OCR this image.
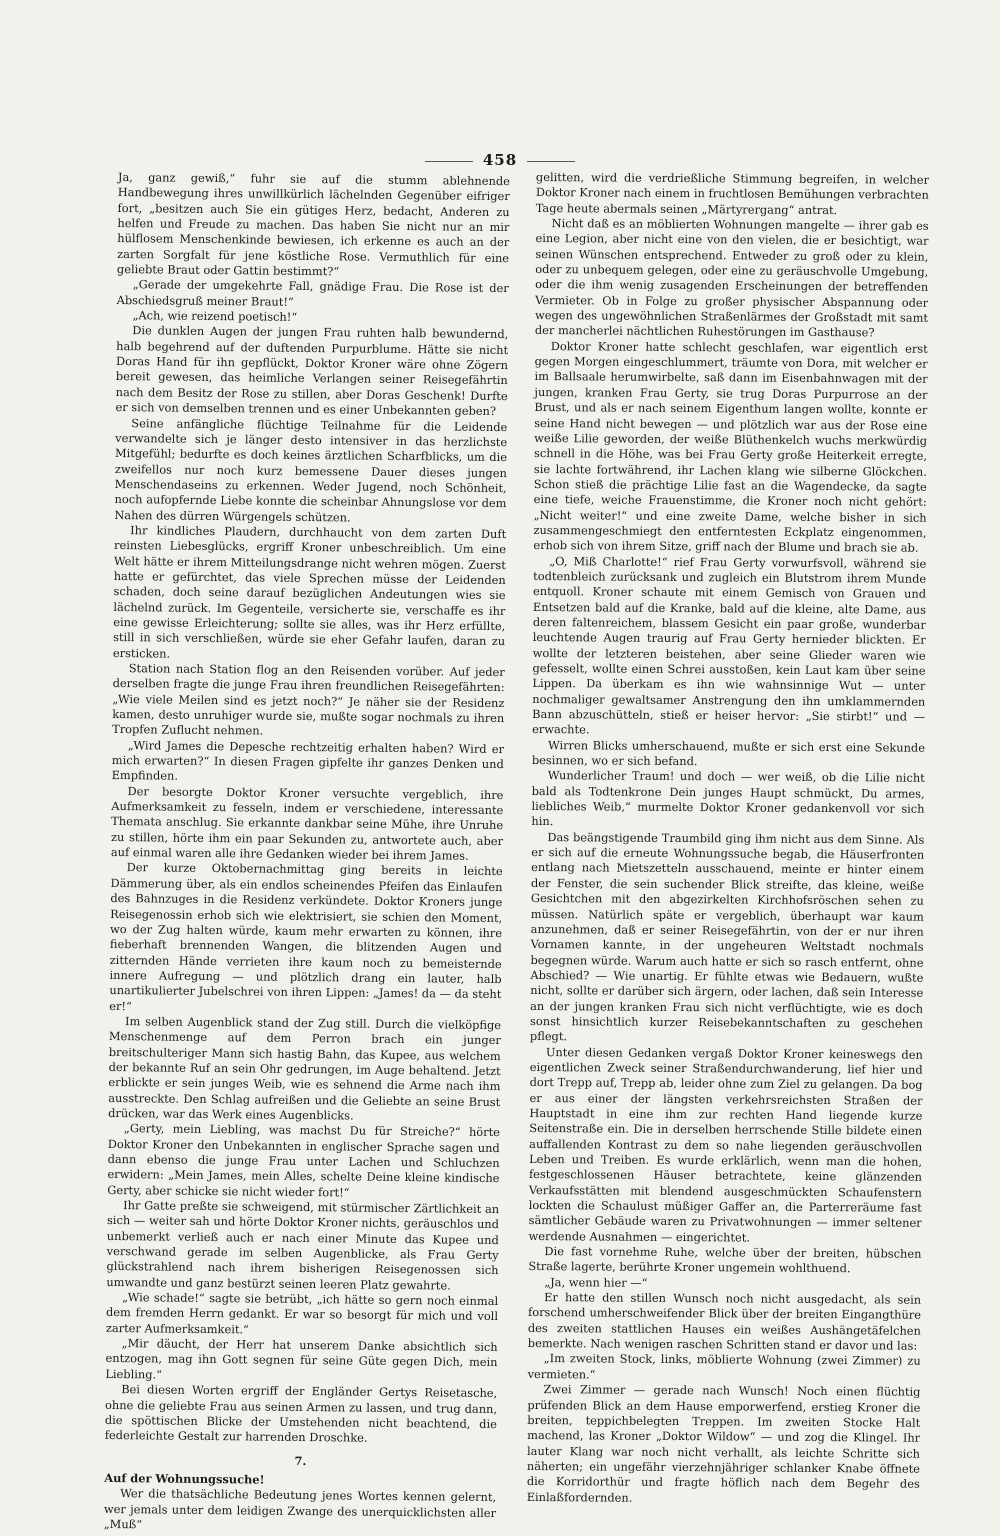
458

Ja, ganz gewiß,“ fuhr sie auf die stumm ablehnende Handbewegung ihres unwillkürlich lächelnden Gegenüber eifriger fort, „besitzen auch Sie ein gütiges Herz, bedacht, Anderen zu helfen und Freude zu machen. Das haben Sie nicht nur an mir hülflosem Menschenkinde bewiesen, ich erkenne es auch an der zarten Sorgfalt für jene köstliche Rose. Vermuthlich für eine geliebte Braut oder Gattin bestimmt?“

„Gerade der umgekehrte Fall, gnädige Frau. Die Rose ist der Abschiedsgruß meiner Braut!“

„Ach, wie reizend poetisch!“

Die dunklen Augen der jungen Frau ruhten halb bewundernd, halb begehrend auf der duftenden Purpurblume. Hätte sie nicht Doras Hand für ihn gepflückt, Doktor Kroner wäre ohne Zögern bereit gewesen, das heimliche Verlangen seiner Reisegefährtin nach dem Besitz der Rose zu stillen, aber Doras Geschenk! Durfte er sich von demselben trennen und es einer Unbekannten geben?

Seine anfängliche flüchtige Teilnahme für die Leidende verwandelte sich je länger desto intensiver in das herzlichste Mitgefühl; bedurfte es doch keines ärztlichen Scharfblicks, um die zweifellos nur noch kurz bemessene Dauer dieses jungen Menschendaseins zu erkennen. Weder Jugend, noch Schönheit, noch aufopfernde Liebe konnte die scheinbar Ahnungslose vor dem Nahen des dürren Würgengels schützen.

Ihr kindliches Plaudern, durchhaucht von dem zarten Duft reinsten Liebesglücks, ergriff Kroner unbeschreiblich. Um eine Welt hätte er ihrem Mitteilungsdrange nicht wehren mögen. Zuerst hatte er gefürchtet, das viele Sprechen müsse der Leidenden schaden, doch seine darauf bezüglichen Andeutungen wies sie lächelnd zurück. Im Gegenteile, versicherte sie, verschaffe es ihr eine gewisse Erleichterung; sollte sie alles, was ihr Herz erfüllte, still in sich verschließen, würde sie eher Gefahr laufen, daran zu ersticken.

Station nach Station flog an den Reisenden vorüber. Auf jeder derselben fragte die junge Frau ihren freundlichen Reisegefährten: „Wie viele Meilen sind es jetzt noch?“ Je näher sie der Residenz kamen, desto unruhiger wurde sie, mußte sogar nochmals zu ihren Tropfen Zuflucht nehmen.

„Wird James die Depesche rechtzeitig erhalten haben? Wird er mich erwarten?“ In diesen Fragen gipfelte ihr ganzes Denken und Empfinden.

Der besorgte Doktor Kroner versuchte vergeblich, ihre Aufmerksamkeit zu fesseln, indem er verschiedene, interessante Themata anschlug. Sie erkannte dankbar seine Mühe, ihre Unruhe zu stillen, hörte ihm ein paar Sekunden zu, antwortete auch, aber auf einmal waren alle ihre Gedanken wieder bei ihrem James.

Der kurze Oktobernachmittag ging bereits in leichte Dämmerung über, als ein endlos scheinendes Pfeifen das Einlaufen des Bahnzuges in die Residenz verkündete. Doktor Kroners junge Reisegenossin erhob sich wie elektrisiert, sie schien den Moment, wo der Zug halten würde, kaum mehr erwarten zu können, ihre fieberhaft brennenden Wangen, die blitzenden Augen und zitternden Hände verrieten ihre kaum noch zu bemeisternde innere Aufregung — und plötzlich drang ein lauter, halb unartikulierter Jubelschrei von ihren Lippen: „James! da — da steht er!“

Im selben Augenblick stand der Zug still. Durch die vielköpfige Menschenmenge auf dem Perron brach ein junger breitschulteriger Mann sich hastig Bahn, das Kupee, aus welchem der bekannte Ruf an sein Ohr gedrungen, im Auge behaltend. Jetzt erblickte er sein junges Weib, wie es sehnend die Arme nach ihm ausstreckte. Den Schlag aufreißen und die Geliebte an seine Brust drücken, war das Werk eines Augenblicks.

„Gerty, mein Liebling, was machst Du für Streiche?“ hörte Doktor Kroner den Unbekannten in englischer Sprache sagen und dann ebenso die junge Frau unter Lachen und Schluchzen erwidern: „Mein James, mein Alles, schelte Deine kleine kindische Gerty, aber schicke sie nicht wieder fort!“

Ihr Gatte preßte sie schweigend, mit stürmischer Zärtlichkeit an sich — weiter sah und hörte Doktor Kroner nichts, geräuschlos und unbemerkt verließ auch er nach einer Minute das Kupee und verschwand gerade im selben Augenblicke, als Frau Gerty glückstrahlend nach ihrem bisherigen Reisegenossen sich umwandte und ganz bestürzt seinen leeren Platz gewahrte.

„Wie schade!“ sagte sie betrübt, „ich hätte so gern noch einmal dem fremden Herrn gedankt. Er war so besorgt für mich und voll zarter Aufmerksamkeit.“

„Mir däucht, der Herr hat unserem Danke absichtlich sich entzogen, mag ihn Gott segnen für seine Güte gegen Dich, mein Liebling.“

Bei diesen Worten ergriff der Engländer Gertys Reisetasche, ohne die geliebte Frau aus seinen Armen zu lassen, und trug dann, die spöttischen Blicke der Umstehenden nicht beachtend, die federleichte Gestalt zur harrenden Droschke.

7.

Auf der Wohnungssuche!

Wer die thatsächliche Bedeutung jenes Wortes kennen gelernt, wer jemals unter dem leidigen Zwange des unerquicklichsten aller „Muß“

gelitten, wird die verdrießliche Stimmung begreifen, in welcher Doktor Kroner nach einem in fruchtlosen Bemühungen verbrachten Tage heute abermals seinen „Märtyrergang“ antrat.

Nicht daß es an möblierten Wohnungen mangelte — ihrer gab es eine Legion, aber nicht eine von den vielen, die er besichtigt, war seinen Wünschen entsprechend. Entweder zu groß oder zu klein, oder zu unbequem gelegen, oder eine zu geräuschvolle Umgebung, oder die ihm wenig zusagenden Erscheinungen der betreffenden Vermieter. Ob in Folge zu großer physischer Abspannung oder wegen des ungewöhnlichen Straßenlärmes der Großstadt mit samt der mancherlei nächtlichen Ruhestörungen im Gasthause?

Doktor Kroner hatte schlecht geschlafen, war eigentlich erst gegen Morgen eingeschlummert, träumte von Dora, mit welcher er im Ballsaale herumwirbelte, saß dann im Eisenbahnwagen mit der jungen, kranken Frau Gerty, sie trug Doras Purpurrose an der Brust, und als er nach seinem Eigenthum langen wollte, konnte er seine Hand nicht bewegen — und plötzlich war aus der Rose eine weiße Lilie geworden, der weiße Blüthenkelch wuchs merkwürdig schnell in die Höhe, was bei Frau Gerty große Heiterkeit erregte, sie lachte fortwährend, ihr Lachen klang wie silberne Glöckchen. Schon stieß die prächtige Lilie fast an die Wagendecke, da sagte eine tiefe, weiche Frauenstimme, die Kroner noch nicht gehört: „Nicht weiter!“ und eine zweite Dame, welche bisher in sich zusammengeschmiegt den entferntesten Eckplatz eingenommen, erhob sich von ihrem Sitze, griff nach der Blume und brach sie ab.

„O, Miß Charlotte!“ rief Frau Gerty vorwurfsvoll, während sie todtenbleich zurücksank und zugleich ein Blutstrom ihrem Munde entquoll. Kroner schaute mit einem Gemisch von Grauen und Entsetzen bald auf die Kranke, bald auf die kleine, alte Dame, aus deren faltenreichem, blassem Gesicht ein paar große, wunderbar leuchtende Augen traurig auf Frau Gerty hernieder blickten. Er wollte der letzteren beistehen, aber seine Glieder waren wie gefesselt, wollte einen Schrei ausstoßen, kein Laut kam über seine Lippen. Da überkam es ihn wie wahnsinnige Wut — unter nochmaliger gewaltsamer Anstrengung den ihn umklammernden Bann abzuschütteln, stieß er heiser hervor: „Sie stirbt!“ und — erwachte.

Wirren Blicks umherschauend, mußte er sich erst eine Sekunde besinnen, wo er sich befand.

Wunderlicher Traum! und doch — wer weiß, ob die Lilie nicht bald als Todtenkrone Dein junges Haupt schmückt, Du armes, liebliches Weib,“ murmelte Doktor Kroner gedankenvoll vor sich hin.

Das beängstigende Traumbild ging ihm nicht aus dem Sinne. Als er sich auf die erneute Wohnungssuche begab, die Häuserfronten entlang nach Mietszetteln ausschauend, meinte er hinter einem der Fenster, die sein suchender Blick streifte, das kleine, weiße Gesichtchen mit den abgezirkelten Kirchhofsröschen sehen zu müssen. Natürlich späte er vergeblich, überhaupt war kaum anzunehmen, daß er seiner Reisegefährtin, von der er nur ihren Vornamen kannte, in der ungeheuren Weltstadt nochmals begegnen würde. Warum auch hatte er sich so rasch entfernt, ohne Abschied? — Wie unartig. Er fühlte etwas wie Bedauern, wußte nicht, sollte er darüber sich ärgern, oder lachen, daß sein Interesse an der jungen kranken Frau sich nicht verflüchtigte, wie es doch sonst hinsichtlich kurzer Reisebekanntschaften zu geschehen pflegt.

Unter diesen Gedanken vergaß Doktor Kroner keineswegs den eigentlichen Zweck seiner Straßendurchwanderung, lief hier und dort Trepp auf, Trepp ab, leider ohne zum Ziel zu gelangen. Da bog er aus einer der längsten verkehrsreichsten Straßen der Hauptstadt in eine ihm zur rechten Hand liegende kurze Seitenstraße ein. Die in derselben herrschende Stille bildete einen auffallenden Kontrast zu dem so nahe liegenden geräuschvollen Leben und Treiben. Es wurde erklärlich, wenn man die hohen, festgeschlossenen Häuser betrachtete, keine glänzenden Verkaufsstätten mit blendend ausgeschmückten Schaufenstern lockten die Schaulust müßiger Gaffer an, die Parterreräume fast sämtlicher Gebäude waren zu Privatwohnungen — immer seltener werdende Ausnahmen — eingerichtet.

Die fast vornehme Ruhe, welche über der breiten, hübschen Straße lagerte, berührte Kroner ungemein wohlthuend.

„Ja, wenn hier —“

Er hatte den stillen Wunsch noch nicht ausgedacht, als sein forschend umherschweifender Blick über der breiten Eingangthüre des zweiten stattlichen Hauses ein weißes Aushängetäfelchen bemerkte. Nach wenigen raschen Schritten stand er davor und las:

„Im zweiten Stock, links, möblierte Wohnung (zwei Zimmer) zu vermieten.“

Zwei Zimmer — gerade nach Wunsch! Noch einen flüchtig prüfenden Blick an dem Hause emporwerfend, erstieg Kroner die breiten, teppichbelegten Treppen. Im zweiten Stocke Halt machend, las Kroner „Doktor Wildow“ — und zog die Klingel. Ihr lauter Klang war noch nicht verhallt, als leichte Schritte sich näherten; ein ungefähr vierzehnjähriger schlanker Knabe öffnete die Korridorthür und fragte höflich nach dem Begehr des Einlaßfordernden.
